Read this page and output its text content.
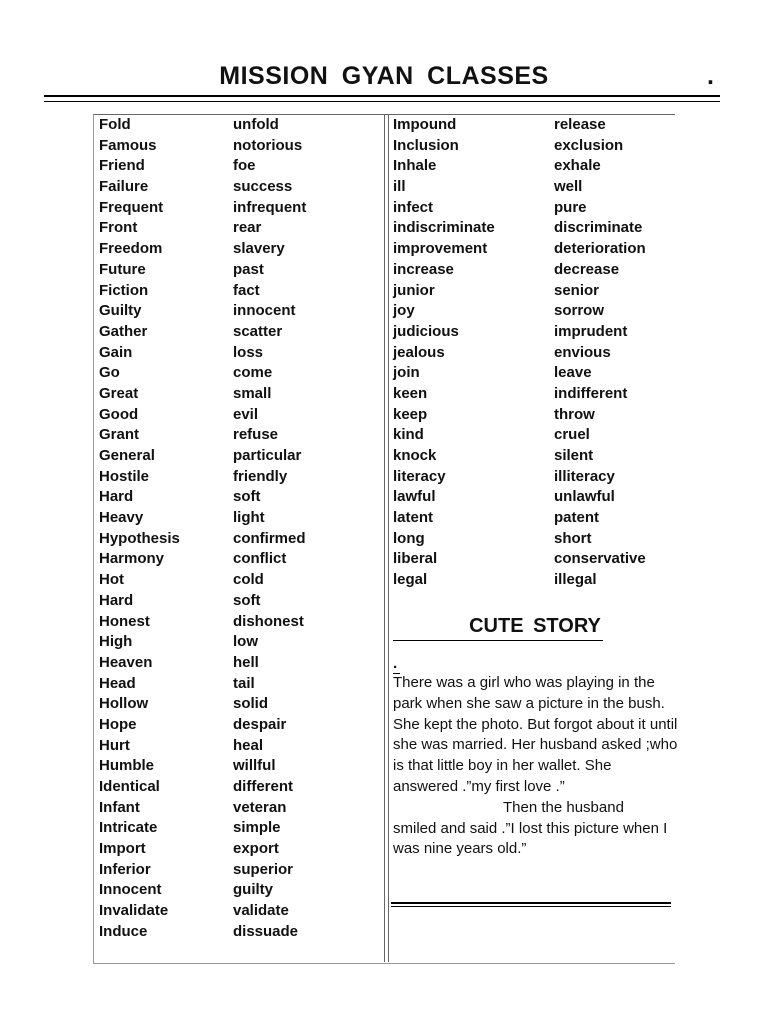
MISSION GYAN CLASSES	.
Fold	unfold
Famous	notorious
Friend	foe
Failure	success
Frequent	infrequent
Front	rear
Freedom	slavery
Future	past
Fiction	fact
Guilty	innocent
Gather	scatter
Gain	loss
Go	come
Great	small
Good	evil
Grant	refuse
General	particular
Hostile	friendly
Hard	soft
Heavy	light
Hypothesis	confirmed
Harmony	conflict
Hot	cold
Hard	soft
Honest	dishonest
High	low
Heaven	hell
Head	tail
Hollow	solid
Hope	despair
Hurt	heal
Humble	willful
Identical	different
Infant	veteran
Intricate	simple
Import	export
Inferior	superior
Innocent	guilty
Invalidate	validate
Induce	dissuade
Impound	release
Inclusion	exclusion
Inhale	exhale
ill	well
infect	pure
indiscriminate	discriminate
improvement	deterioration
increase	decrease
junior	senior
joy	sorrow
judicious	imprudent
jealous	envious
join	leave
keen	indifferent
keep	throw
kind	cruel
knock	silent
literacy	illiteracy
lawful	unlawful
latent	patent
long	short
liberal	conservative
legal	illegal
CUTE STORY
.

There was a girl who was playing in the park when she saw a picture in the bush.

She kept the photo. But forgot about it until she was married. Her husband asked ;who is that little boy in her wallet. She answered .”my first love .”

Then the husband

smiled and said .”I lost this picture when I was nine years old.”
